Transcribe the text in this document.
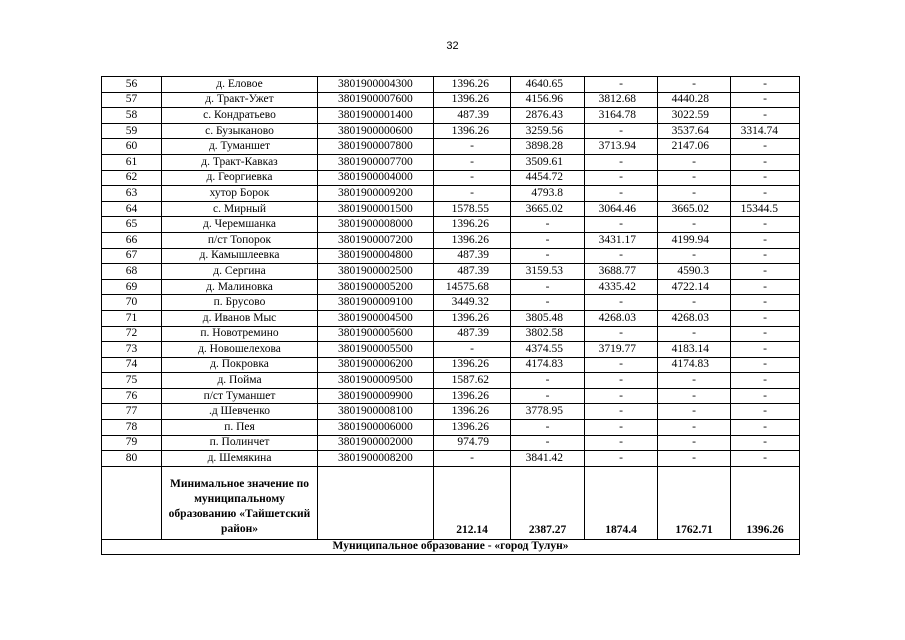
32
56	д. Еловое	3801900004300	1396.26	4640.65	-	-	-
57	д. Тракт-Ужет	3801900007600	1396.26	4156.96	3812.68	4440.28	-
58	с. Кондратьево	3801900001400	487.39	2876.43	3164.78	3022.59	-
59	с. Бузыканово	3801900000600	1396.26	3259.56	-	3537.64	3314.74
60	д. Туманшет	3801900007800	-	3898.28	3713.94	2147.06	-
61	д. Тракт-Кавказ	3801900007700	-	3509.61	-	-	-
62	д. Георгиевка	3801900004000	-	4454.72	-	-	-
63	хутор Борок	3801900009200	-	4793.8	-	-	-
64	с. Мирный	3801900001500	1578.55	3665.02	3064.46	3665.02	15344.5
65	д. Черемшанка	3801900008000	1396.26	-	-	-	-
66	п/ст Топорок	3801900007200	1396.26	-	3431.17	4199.94	-
67	д. Камышлеевка	3801900004800	487.39	-	-	-	-
68	д. Сергина	3801900002500	487.39	3159.53	3688.77	4590.3	-
69	д. Малиновка	3801900005200	14575.68	-	4335.42	4722.14	-
70	п. Брусово	3801900009100	3449.32	-	-	-	-
71	д. Иванов Мыс	3801900004500	1396.26	3805.48	4268.03	4268.03	-
72	п. Новотремино	3801900005600	487.39	3802.58	-	-	-
73	д. Новошелехова	3801900005500	-	4374.55	3719.77	4183.14	-
74	д. Покровка	3801900006200	1396.26	4174.83	-	4174.83	-
75	д. Пойма	3801900009500	1587.62	-	-	-	-
76	п/ст Туманшет	3801900009900	1396.26	-	-	-	-
77	.д Шевченко	3801900008100	1396.26	3778.95	-	-	-
78	п. Пея	3801900006000	1396.26	-	-	-	-
79	п. Полинчет	3801900002000	974.79	-	-	-	-
80	д. Шемякина	3801900008200	-	3841.42	-	-	-
	Минимальное значение по муниципальному образованию «Тайшетский район»		212.14	2387.27	1874.4	1762.71	1396.26
Муниципальное образование - «город Тулун»							
